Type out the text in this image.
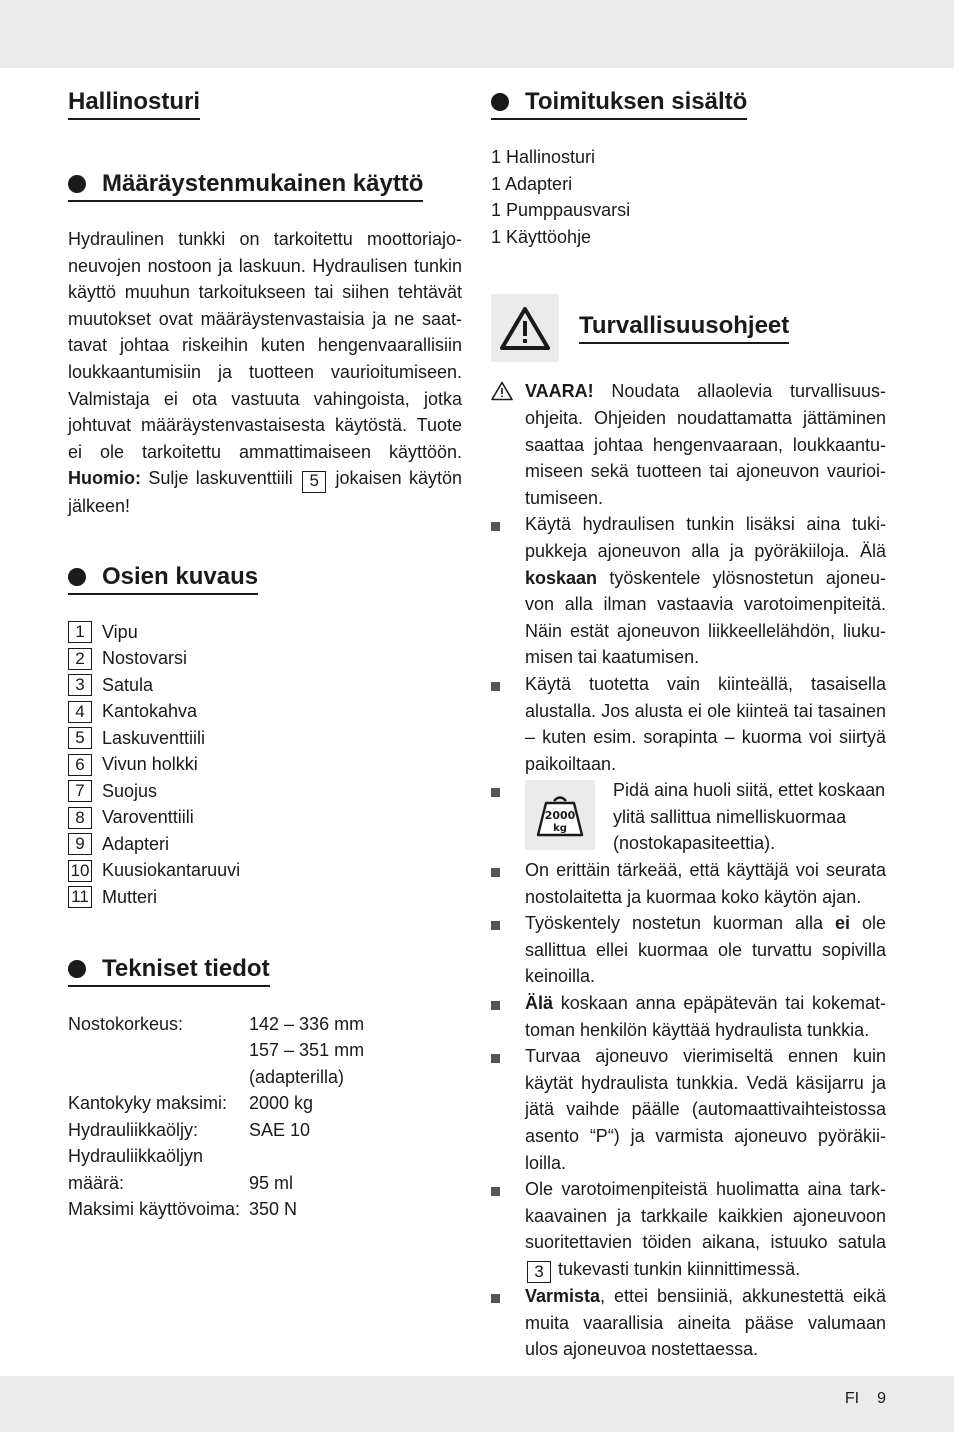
Hallinosturi
Määräystenmukainen käyttö

Hydraulinen tunkki on tarkoitettu moottoriajoneuvojen nostoon ja laskuun. Hydraulisen tunkin käyttö muuhun tarkoitukseen tai siihen tehtävät muutokset ovat määräystenvastaisia ja ne saattavat johtaa riskeihin kuten hengenvaarallisiin loukkaantumisiin ja tuotteen vaurioitumiseen. Valmistaja ei ota vastuuta vahingoista, jotka johtuvat määräystenvastaisesta käytöstä. Tuote ei ole tarkoitettu ammattimaiseen käyttöön. Huomio: Sulje laskuventtiili 5 jokaisen käytön jälkeen!

Osien kuvaus
1 Vipu
2 Nostovarsi
3 Satula
4 Kantokahva
5 Laskuventtiili
6 Vivun holkki
7 Suojus
8 Varoventtiili
9 Adapteri
10 Kuusiokantaruuvi
11 Mutteri
Tekniset tiedot
Nostokorkeus:	142 – 336 mm
157 – 351 mm (adapterilla)
Kantokyky maksimi:	2000 kg
Hydrauliikkaöljy:	SAE 10
Hydrauliikkaöljyn
määrä:	95 ml
Maksimi käyttövoima: 350 N
Toimituksen sisältö
1 Hallinosturi
1 Adapteri
1 Pumppausvarsi
1 Käyttöohje
Turvallisuusohjeet
VAARA! Noudata allaolevia turvallisuusohjeita. Ohjeiden noudattamatta jättäminen saattaa johtaa hengenvaaraan, loukkaantumiseen sekä tuotteen tai ajoneuvon vaurioitumiseen.
Käytä hydraulisen tunkin lisäksi aina tukipukkeja ajoneuvon alla ja pyöräkiiloja. Älä koskaan työskentele ylösnostetun ajoneuvon alla ilman vastaavia varotoimenpiteitä. Näin estät ajoneuvon liikkeellelähdön, liukumisen tai kaatumisen.
Käytä tuotetta vain kiinteällä, tasaisella alustalla. Jos alusta ei ole kiinteä tai tasainen – kuten esim. sorapinta – kuorma voi siirtyä paikoiltaan.
2000
kg
Pidä aina huoli siitä, ettet koskaan ylitä sallittua nimelliskuormaa (nostokapasiteettia).
On erittäin tärkeää, että käyttäjä voi seurata nostolaitetta ja kuormaa koko käytön ajan.
Työskentely nostetun kuorman alla ei ole sallittua ellei kuormaa ole turvattu sopivilla keinoilla.
Älä koskaan anna epäpätevän tai kokemattoman henkilön käyttää hydraulista tunkkia.
Turvaa ajoneuvo vierimiseltä ennen kuin käytät hydraulista tunkkia. Vedä käsijarru ja jätä vaihde päälle (automaattivaihteistossa asento “P“) ja varmista ajoneuvo pyöräkiiloilla.
Ole varotoimenpiteistä huolimatta aina tarkkaavainen ja tarkkaile kaikkien ajoneuvoon suoritettavien töiden aikana, istuuko satula 3 tukevasti tunkin kiinnittimessä.
Varmista, ettei bensiiniä, akkunestettä eikä muita vaarallisia aineita pääse valumaan ulos ajoneuvoa nostettaessa.
FI 9
